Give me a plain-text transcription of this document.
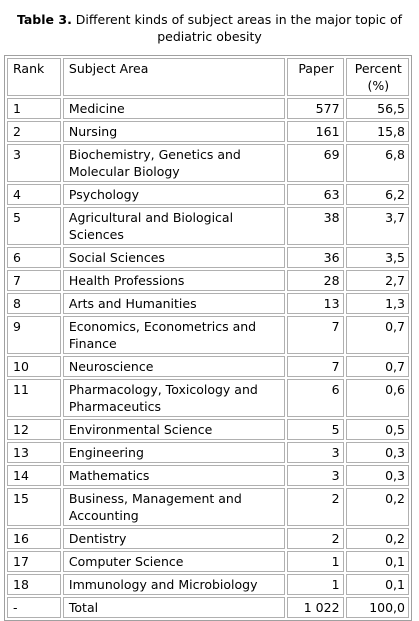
Table 3. Different kinds of subject areas in the major topic of pediatric obesity
Rank	Subject Area	Paper	Percent (%)
1	Medicine	577	56,5
2	Nursing	161	15,8
3	Biochemistry, Genetics and Molecular Biology	69	6,8
4	Psychology	63	6,2
5	Agricultural and Biological Sciences	38	3,7
6	Social Sciences	36	3,5
7	Health Professions	28	2,7
8	Arts and Humanities	13	1,3
9	Economics, Econometrics and Finance	7	0,7
10	Neuroscience	7	0,7
11	Pharmacology, Toxicology and Pharmaceutics	6	0,6
12	Environmental Science	5	0,5
13	Engineering	3	0,3
14	Mathematics	3	0,3
15	Business, Management and Accounting	2	0,2
16	Dentistry	2	0,2
17	Computer Science	1	0,1
18	Immunology and Microbiology	1	0,1
-	Total	1 022	100,0
